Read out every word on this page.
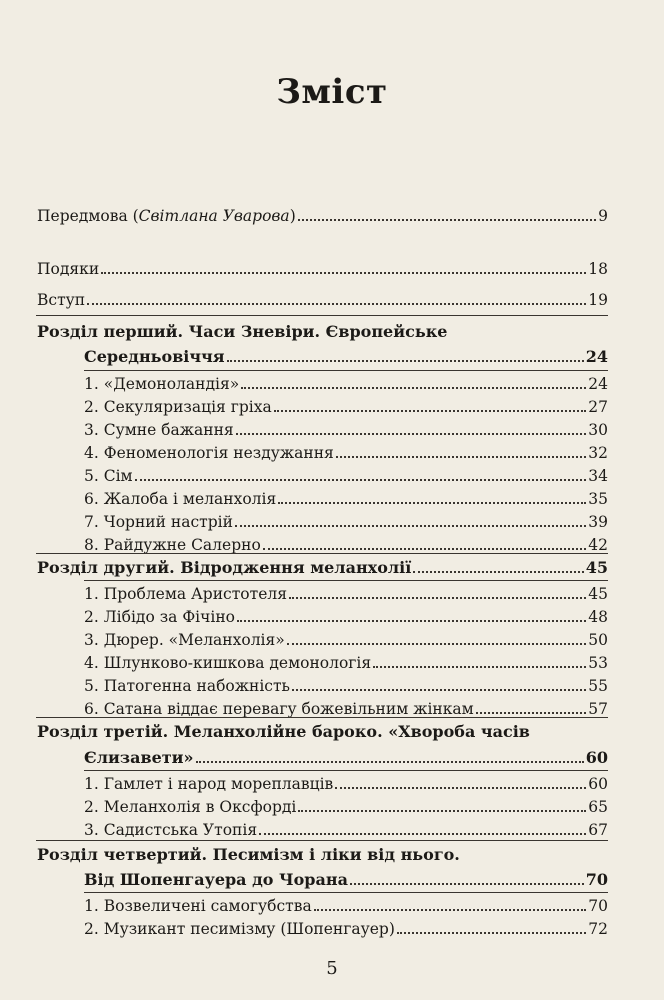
Зміст
Передмова (Світлана Уварова)	9
Подяки	18
Вступ	19
Розділ перший. Часи Зневіри. Європейське
Середньовіччя	24
1. «Демонoландія»	24
2. Секуляризація гріха	27
3. Сумне бажання	30
4. Феноменологія нездужання	32
5. Сім	34
6. Жалоба і меланхолія	35
7. Чорний настрій	39
8. Райдужне Салерно	42
Розділ другий. Відродження меланхолії	45
1. Проблема Аристотеля	45
2. Лібідо за Фічіно	48
3. Дюрер. «Меланхолія»	50
4. Шлунково-кишкова демонологія	53
5. Патогенна набожність	55
6. Сатана віддає перевагу божевільним жінкам	57
Розділ третій. Меланхолійне бароко. «Хвороба часів
Єлизавети»	60
1. Гамлет і народ мореплавців	60
2. Меланхолія в Оксфорді	65
3. Садистська Утопія	67
Розділ четвертий. Песимізм і ліки від нього.
Від Шопенгауера до Чорана	70
1. Возвеличені самогубства	70
2. Музикант песимізму (Шопенгауер)	72
5
